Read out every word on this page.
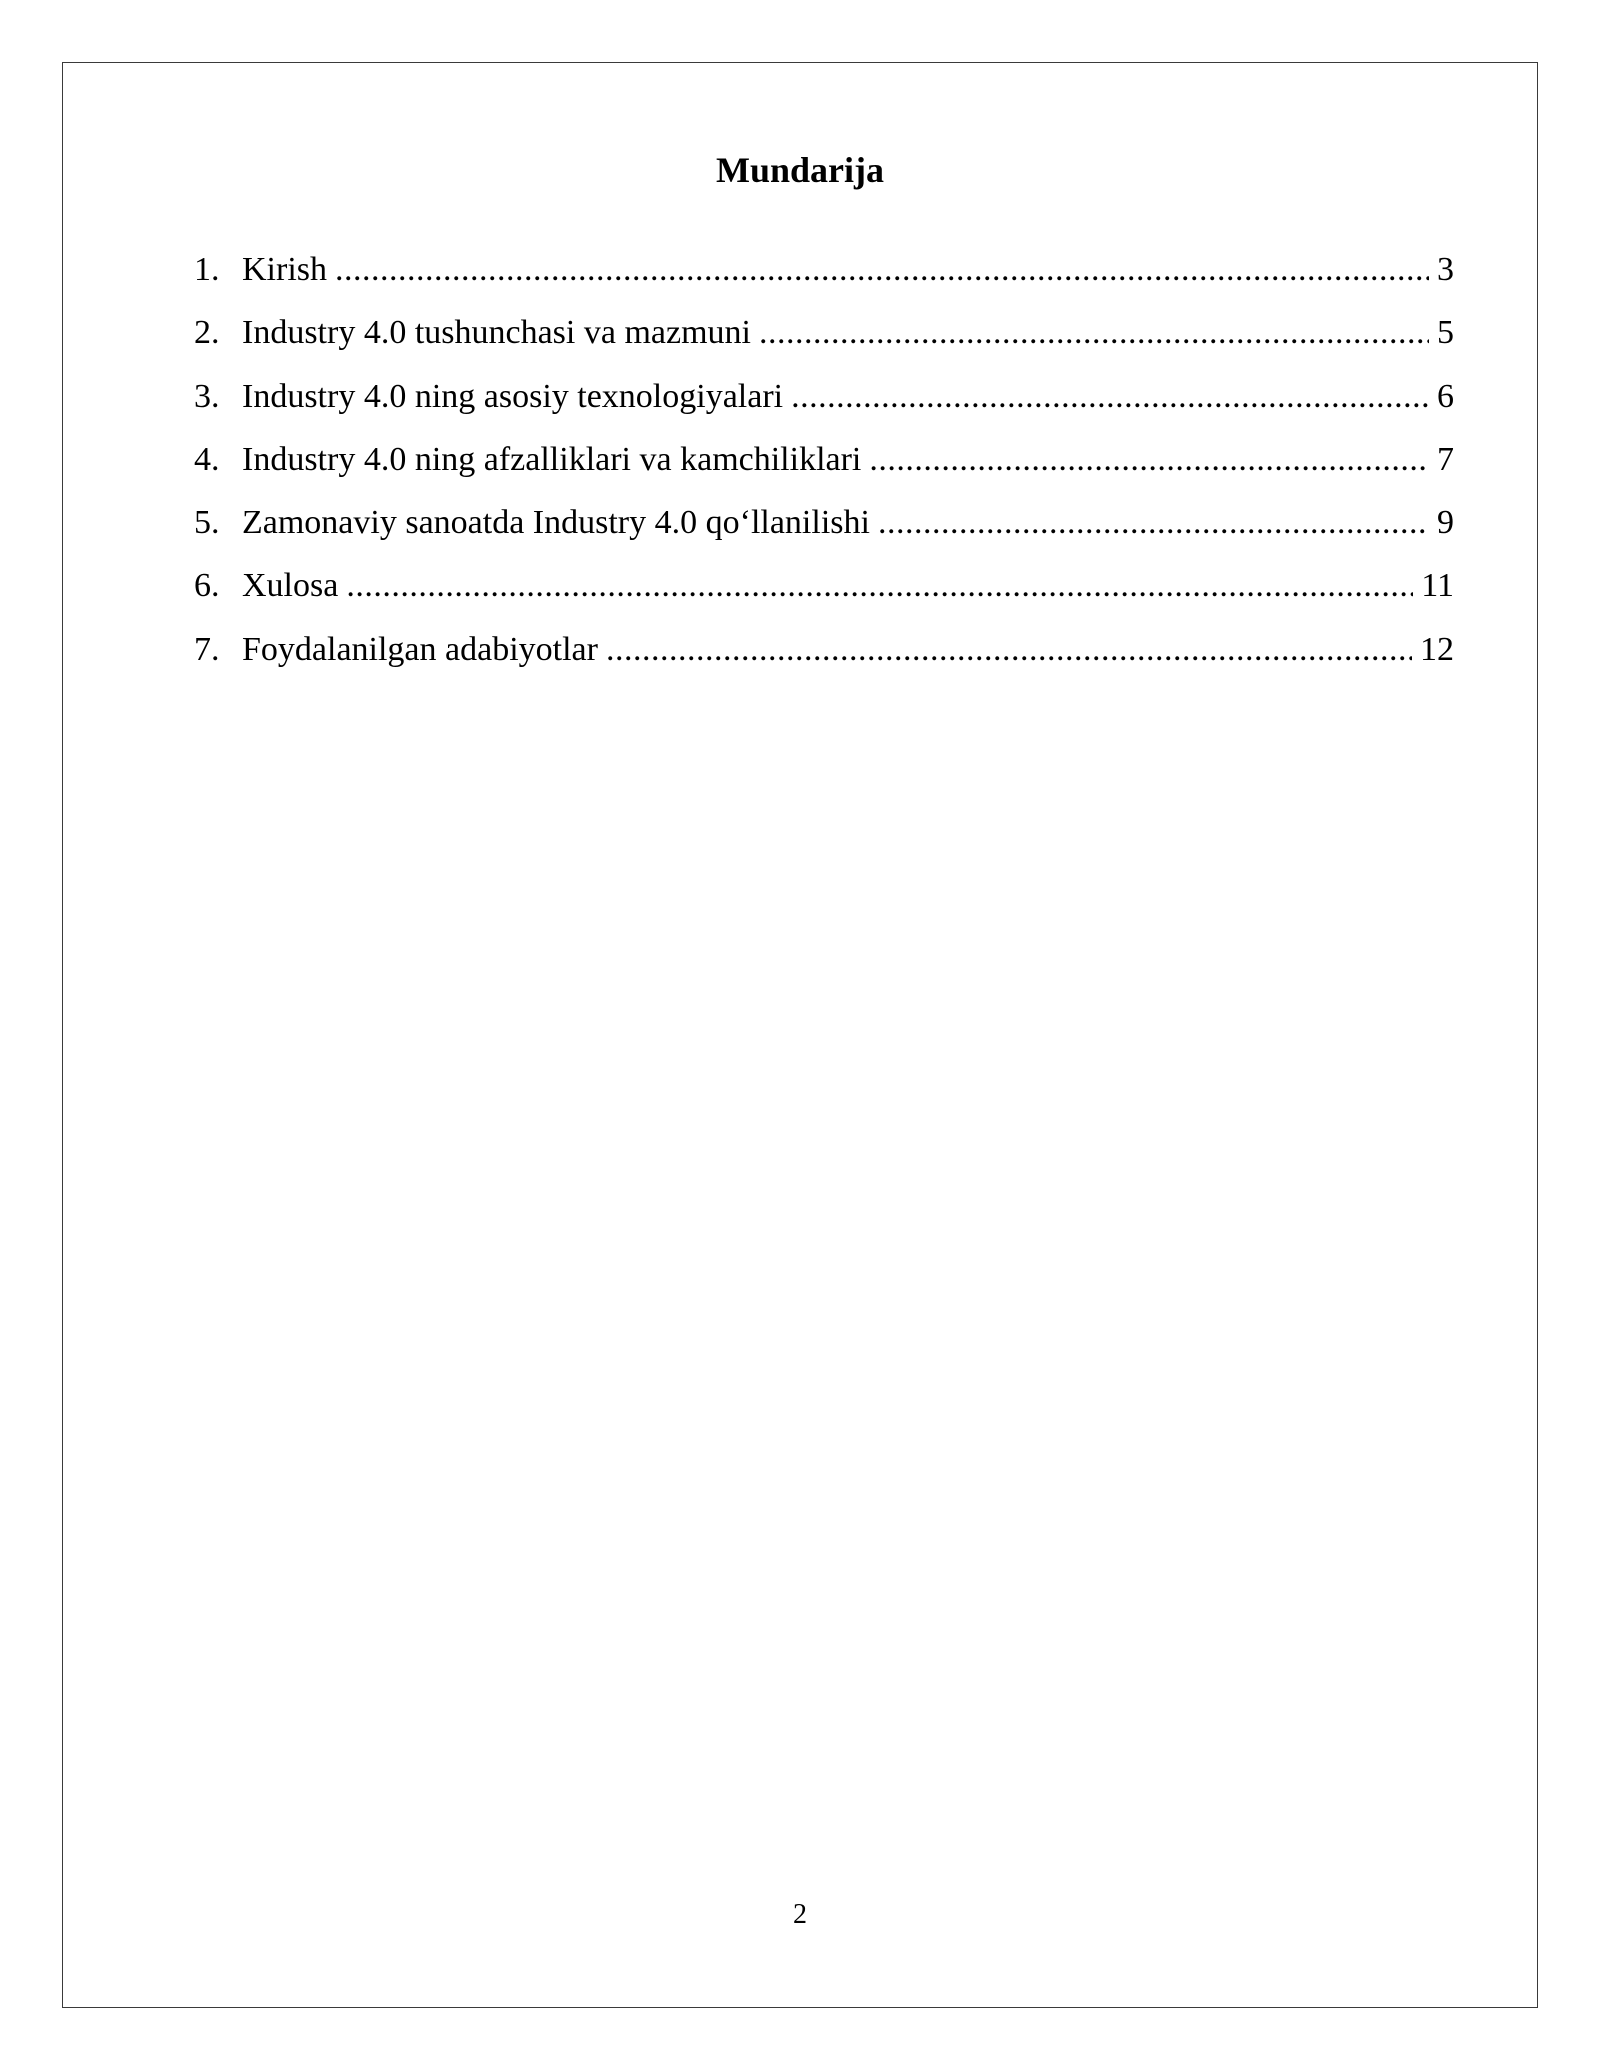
Mundarija
1. Kirish .....	3
2. Industry 4.0 tushunchasi va mazmuni .....	5
3. Industry 4.0 ning asosiy texnologiyalari .....	6
4. Industry 4.0 ning afzalliklari va kamchiliklari .....	7
5. Zamonaviy sanoatda Industry 4.0 qo‘llanilishi .....	9
6. Xulosa .....	11
7. Foydalanilgan adabiyotlar .....	12
2
